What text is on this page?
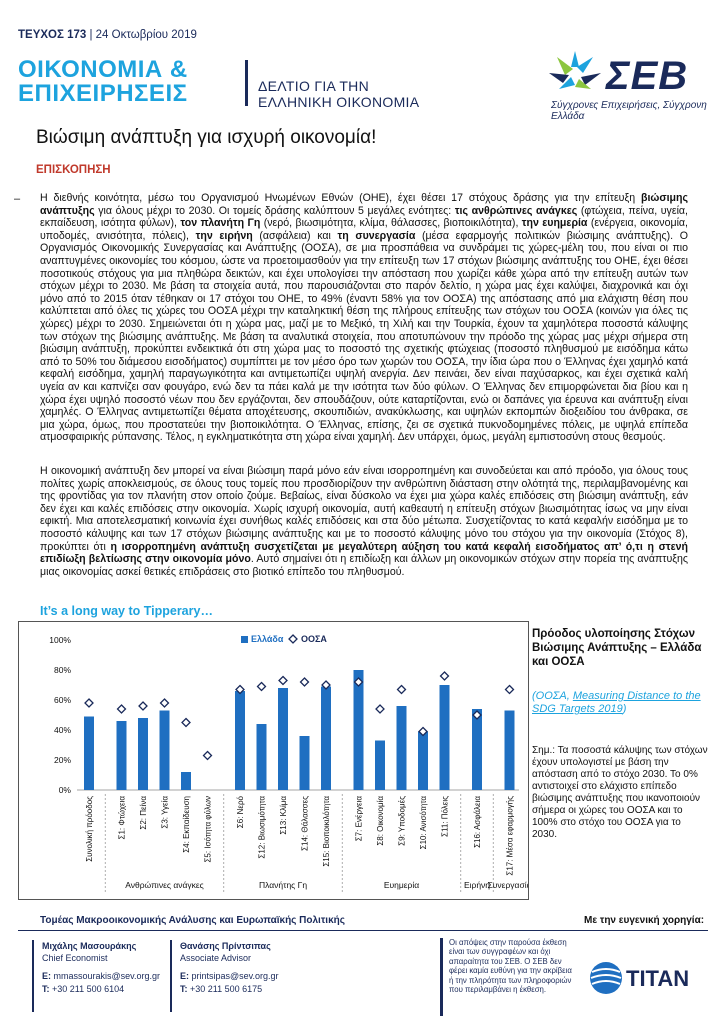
ΤΕΥΧΟΣ 173 | 24 Οκτωβρίου 2019
ΟΙΚΟΝΟΜΙΑ &
ΕΠΙΧΕΙΡΗΣΕΙΣ	ΔΕΛΤΙΟ ΓΙΑ ΤΗΝ
ΕΛΛΗΝΙΚΗ ΟΙΚΟΝΟΜΙΑ
ΣΕΒ
Σύγχρονες Επιχειρήσεις, Σύγχρονη Ελλάδα
Βιώσιμη ανάπτυξη για ισχυρή οικονομία!
ΕΠΙΣΚΟΠΗΣΗ
– Η διεθνής κοινότητα, μέσω του Οργανισμού Ηνωμένων Εθνών (ΟΗΕ), έχει θέσει 17 στόχους δράσης για την επίτευξη βιώσιμης ανάπτυξης για όλους μέχρι το 2030. Οι τομείς δράσης καλύπτουν 5 μεγάλες ενότητες: τις ανθρώπινες ανάγκες (φτώχεια, πείνα, υγεία, εκπαίδευση, ισότητα φύλων), τον πλανήτη Γη (νερό, βιωσιμότητα, κλίμα, θάλασσες, βιοποικιλότητα), την ευημερία (ενέργεια, οικονομία, υποδομές, ανισότητα, πόλεις), την ειρήνη (ασφάλεια) και τη συνεργασία (μέσα εφαρμογής πολιτικών βιώσιμης ανάπτυξης). Ο Οργανισμός Οικονομικής Συνεργασίας και Ανάπτυξης (ΟΟΣΑ), σε μια προσπάθεια να συνδράμει τις χώρες-μέλη του, που είναι οι πιο αναπτυγμένες οικονομίες του κόσμου, ώστε να προετοιμασθούν για την επίτευξη των 17 στόχων βιώσιμης ανάπτυξης του ΟΗΕ, έχει θέσει ποσοτικούς στόχους για μια πληθώρα δεικτών, και έχει υπολογίσει την απόσταση που χωρίζει κάθε χώρα από την επίτευξη αυτών των στόχων μέχρι το 2030. Με βάση τα στοιχεία αυτά, που παρουσιάζονται στο παρόν δελτίο, η χώρα μας έχει καλύψει, διαχρονικά και όχι μόνο από το 2015 όταν τέθηκαν οι 17 στόχοι του ΟΗΕ, το 49% (έναντι 58% για τον ΟΟΣΑ) της απόστασης από μια ελάχιστη θέση που καλύπτεται από όλες τις χώρες του ΟΟΣΑ μέχρι την καταληκτική θέση της πλήρους επίτευξης των στόχων του ΟΟΣΑ (κοινών για όλες τις χώρες) μέχρι το 2030. Σημειώνεται ότι η χώρα μας, μαζί με το Μεξικό, τη Χιλή και την Τουρκία, έχουν τα χαμηλότερα ποσοστά κάλυψης των στόχων της βιώσιμης ανάπτυξης. Με βάση τα αναλυτικά στοιχεία, που αποτυπώνουν την πρόοδο της χώρας μας μέχρι σήμερα στη βιώσιμη ανάπτυξη, προκύπτει ενδεικτικά ότι στη χώρα μας το ποσοστό της σχετικής φτώχειας (ποσοστό πληθυσμού με εισόδημα κάτω από το 50% του διάμεσου εισοδήματος) συμπίπτει με τον μέσο όρο των χωρών του ΟΟΣΑ, την ίδια ώρα που ο Έλληνας έχει χαμηλό κατά κεφαλή εισόδημα, χαμηλή παραγωγικότητα και αντιμετωπίζει υψηλή ανεργία. Δεν πεινάει, δεν είναι παχύσαρκος, και έχει σχετικά καλή υγεία αν και καπνίζει σαν φουγάρο, ενώ δεν τα πάει καλά με την ισότητα των δύο φύλων. Ο Έλληνας δεν επιμορφώνεται δια βίου και η χώρα έχει υψηλό ποσοστό νέων που δεν εργάζονται, δεν σπουδάζουν, ούτε καταρτίζονται, ενώ οι δαπάνες για έρευνα και ανάπτυξη είναι χαμηλές. Ο Έλληνας αντιμετωπίζει θέματα αποχέτευσης, σκουπιδιών, ανακύκλωσης, και υψηλών εκπομπών διοξειδίου του άνθρακα, σε μια χώρα, όμως, που προστατεύει την βιοποικιλότητα. Ο Έλληνας, επίσης, ζει σε σχετικά πυκνοδομημένες πόλεις, με υψηλά επίπεδα ατμοσφαιρικής ρύπανσης. Τέλος, η εγκληματικότητα στη χώρα είναι χαμηλή. Δεν υπάρχει, όμως, μεγάλη εμπιστοσύνη στους θεσμούς.
Η οικονομική ανάπτυξη δεν μπορεί να είναι βιώσιμη παρά μόνο εάν είναι ισορροπημένη και συνοδεύεται και από πρόοδο, για όλους τους πολίτες χωρίς αποκλεισμούς, σε όλους τους τομείς που προσδιορίζουν την ανθρώπινη διάσταση στην ολότητά της, περιλαμβανομένης και της φροντίδας για τον πλανήτη στον οποίο ζούμε. Βεβαίως, είναι δύσκολο να έχει μια χώρα καλές επιδόσεις στη βιώσιμη ανάπτυξη, εάν δεν έχει και καλές επιδόσεις στην οικονομία. Χωρίς ισχυρή οικονομία, αυτή καθεαυτή η επίτευξη στόχων βιωσιμότητας ίσως να μην είναι εφικτή. Μια αποτελεσματική κοινωνία έχει συνήθως καλές επιδόσεις και στα δύο μέτωπα. Συσχετίζοντας το κατά κεφαλήν εισόδημα με το ποσοστό κάλυψης και των 17 στόχων βιώσιμης ανάπτυξης και με το ποσοστό κάλυψης μόνο του στόχου για την οικονομία (Στόχος 8), προκύπτει ότι η ισορροπημένη ανάπτυξη συσχετίζεται με μεγαλύτερη αύξηση του κατά κεφαλή εισοδήματος απ’ ό,τι η στενή επιδίωξη βελτίωσης στην οικονομία μόνο. Αυτό σημαίνει ότι η επιδίωξη και άλλων μη οικονομικών στόχων στην πορεία της ανάπτυξης μιας οικονομίας ασκεί θετικές επιδράσεις στο βιοτικό επίπεδο του πληθυσμού.
It’s a long way to Tipperary…
0%
20%
40%
60%
80%
100%
Συνολική πρόοδος	Σ1: Φτώχεια Σ2: Πείνα Σ3: Υγεία Σ4: Εκπαίδευση Σ5: Ισότητα φύλων	Σ6: Νερό Σ12: Βιωσιμότητα Σ13: Κλίμα Σ14: Θάλασσες Σ15: Βιοποικιλότητα	Σ7: Ενέργεια Σ8: Οικονομία Σ9: Υποδομές Σ10: Ανισότητα Σ11: Πόλεις	Σ16: Ασφάλεια	Σ17: Μέσα εφαρμογής
Ανθρώπινες ανάγκες	Πλανήτης Γη	Ευημερία	Ειρήνη
Συνεργασία
Ελλάδα ΟΟΣΑ	Πρόοδος υλοποίησης Στόχων Βιώσιμης Ανάπτυξης – Ελλάδα και ΟΟΣΑ
(ΟΟΣΑ, Measuring Distance to the SDG Targets 2019)
Σημ.: Τα ποσοστά κάλυψης των στόχων έχουν υπολογιστεί με βάση την απόσταση από το στόχο 2030. Το 0% αντιστοιχεί στο ελάχιστο επίπεδο βιώσιμης ανάπτυξης που ικανοποιούν σήμερα οι χώρες του ΟΟΣΑ και το 100% στο στόχο του ΟΟΣΑ για το 2030.
Τομέας Μακροοικονομικής Ανάλυσης και Ευρωπαϊκής Πολιτικής	Με την ευγενική χορηγία:
Μιχάλης Μασουράκης
Chief Economist
E: mmassourakis@sev.org.gr
T: +30 211 500 6104
Θανάσης Πρίντσιπας
Associate Advisor
E: printsipas@sev.org.gr
T: +30 211 500 6175
Οι απόψεις στην παρούσα έκθεση είναι των συγγραφέων και όχι απαραίτητα του ΣΕΒ. Ο ΣΕΒ δεν φέρει καμία ευθύνη για την ακρίβεια ή την πληρότητα των πληροφοριών που περιλαμβάνει η έκθεση.	TITAN
